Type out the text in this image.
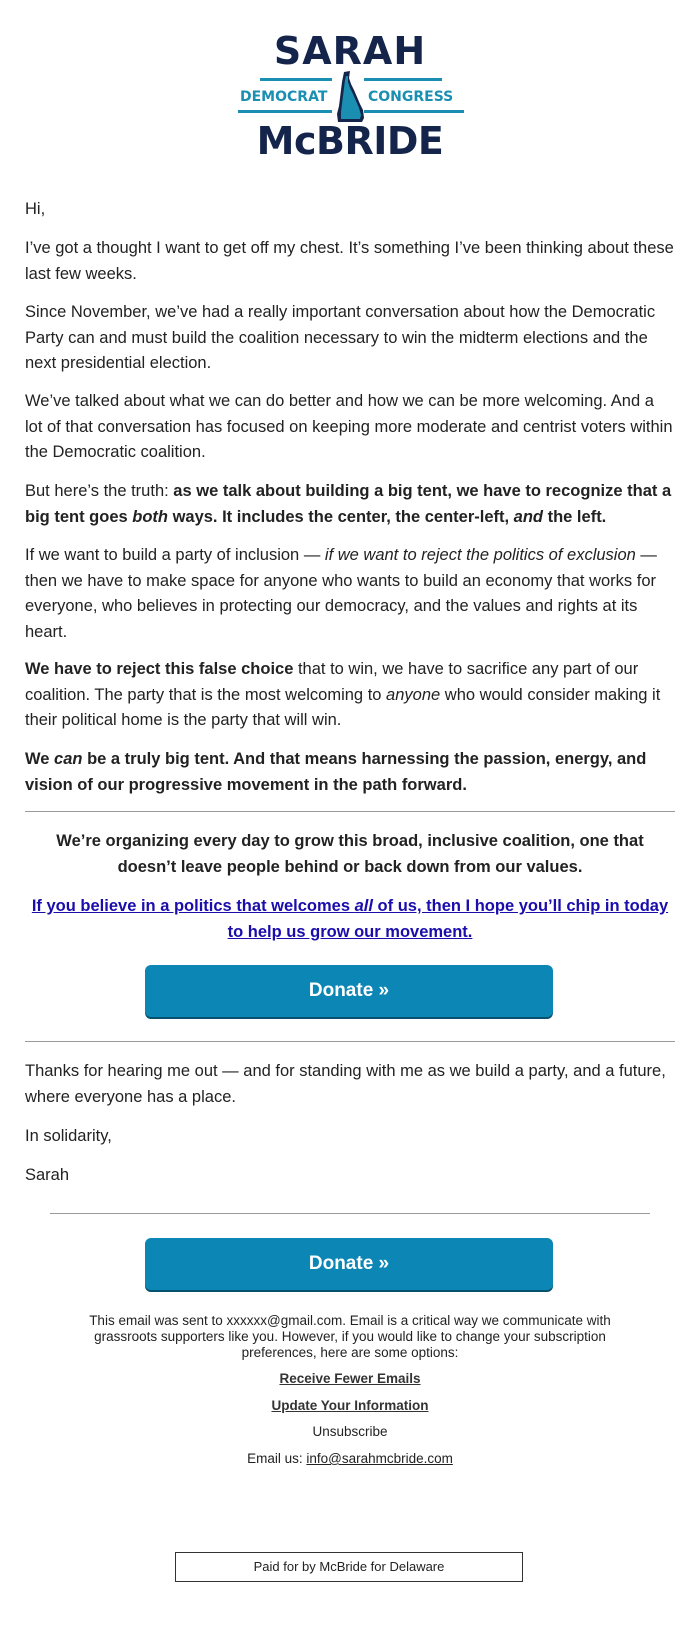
SARAH
DEMOCRAT	CONGRESS
McBRIDE

Hi,

I’ve got a thought I want to get off my chest. It’s something I’ve been thinking about these last few weeks.

Since November, we’ve had a really important conversation about how the Democratic Party can and must build the coalition necessary to win the midterm elections and the next presidential election.

We’ve talked about what we can do better and how we can be more welcoming. And a lot of that conversation has focused on keeping more moderate and centrist voters within the Democratic coalition.

But here’s the truth: as we talk about building a big tent, we have to recognize that a big tent goes both ways. It includes the center, the center-left, and the left.

If we want to build a party of inclusion — if we want to reject the politics of exclusion — then we have to make space for anyone who wants to build an economy that works for everyone, who believes in protecting our democracy, and the values and rights at its heart.

We have to reject this false choice that to win, we have to sacrifice any part of our coalition. The party that is the most welcoming to anyone who would consider making it their political home is the party that will win.

We can be a truly big tent. And that means harnessing the passion, energy, and vision of our progressive movement in the path forward.

We’re organizing every day to grow this broad, inclusive coalition, one that doesn’t leave people behind or back down from our values.

If you believe in a politics that welcomes all of us, then I hope you’ll chip in today to help us grow our movement.

Donate »

Thanks for hearing me out — and for standing with me as we build a party, and a future, where everyone has a place.

In solidarity,

Sarah

Donate »

This email was sent to xxxxxx@gmail.com. Email is a critical way we communicate with grassroots supporters like you. However, if you would like to change your subscription preferences, here are some options:

Receive Fewer Emails
Update Your Information
Unsubscribe
Email us: info@sarahmcbride.com
Paid for by McBride for Delaware
